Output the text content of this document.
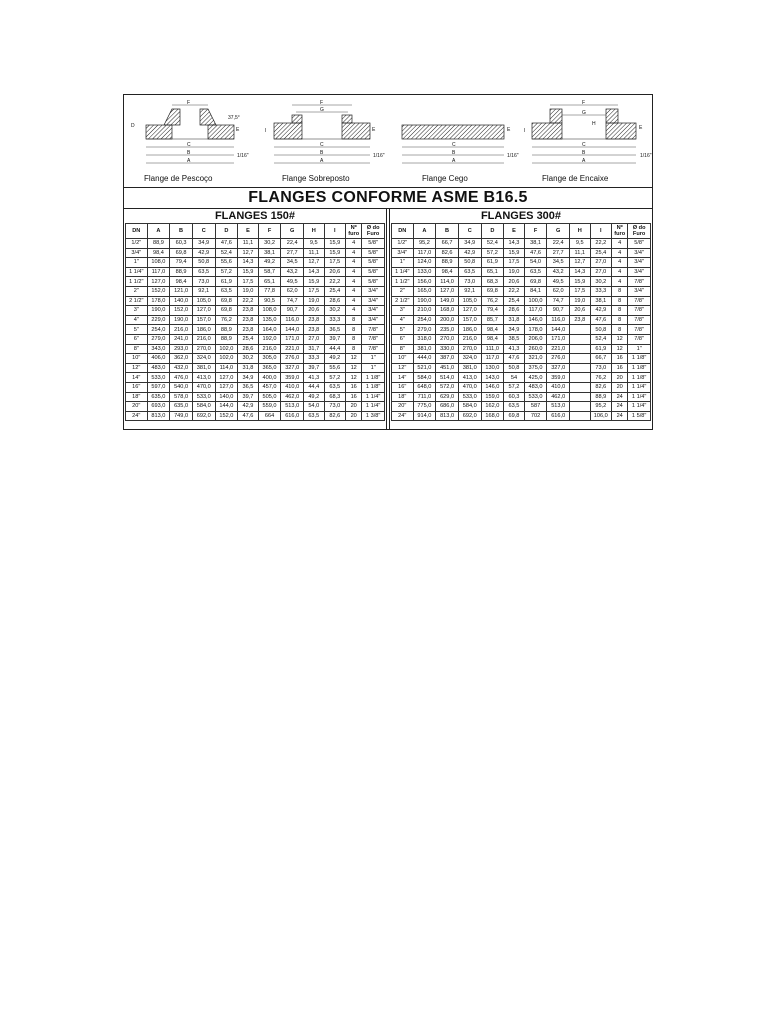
F
C
B
A
D
37,5°
E
1/16"
Flange de Pescoço
F
G
C
B
A
I	E
1/16"
Flange Sobreposto
C
B
A
E
1/16"
Flange Cego
F
G
H
C
B
A
I	E
1/16"
Flange de Encaixe
FLANGES CONFORME ASME B16.5
FLANGES 150#	FLANGES 300#
DN	A	B	C	D	E	F	G	H	I	Nº furo	Ø do Furo
1/2"	88,9	60,3	34,9	47,6	11,1	30,2	22,4	9,5	15,9	4	5/8"
3/4"	98,4	69,8	42,9	52,4	12,7	38,1	27,7	11,1	15,9	4	5/8"
1"	108,0	79,4	50,8	55,6	14,3	49,2	34,5	12,7	17,5	4	5/8"
1 1/4"	117,0	88,9	63,5	57,2	15,9	58,7	43,2	14,3	20,6	4	5/8"
1 1/2"	127,0	98,4	73,0	61,9	17,5	65,1	49,5	15,9	22,2	4	5/8"
2"	152,0	121,0	92,1	63,5	19,0	77,8	62,0	17,5	25,4	4	3/4"
2 1/2"	178,0	140,0	105,0	69,8	22,2	90,5	74,7	19,0	28,6	4	3/4"
3"	190,0	152,0	127,0	69,8	23,8	108,0	90,7	20,6	30,2	4	3/4"
4"	229,0	190,0	157,0	76,2	23,8	135,0	116,0	23,8	33,3	8	3/4"
5"	254,0	216,0	186,0	88,9	23,8	164,0	144,0	23,8	36,5	8	7/8"
6"	279,0	241,0	216,0	88,9	25,4	192,0	171,0	27,0	39,7	8	7/8"
8"	343,0	293,0	270,0	102,0	28,6	216,0	221,0	31,7	44,4	8	7/8"
10"	406,0	362,0	324,0	102,0	30,2	305,0	276,0	33,3	49,2	12	1"
12"	483,0	432,0	381,0	114,0	31,8	365,0	327,0	39,7	55,6	12	1"
14"	533,0	476,0	413,0	127,0	34,9	400,0	359,0	41,3	57,2	12	1 1/8"
16"	597,0	540,0	470,0	127,0	36,5	457,0	410,0	44,4	63,5	16	1 1/8"
18"	635,0	578,0	533,0	140,0	39,7	505,0	462,0	49,2	68,3	16	1 1/4"
20"	693,0	635,0	584,0	144,0	42,9	559,0	513,0	54,0	73,0	20	1 1/4"
24"	813,0	749,0	692,0	152,0	47,6	664	616,0	63,5	82,6	20	1 3/8"
DN	A	B	C	D	E	F	G	H	I	Nº furo	Ø do Furo
1/2"	95,2	66,7	34,9	52,4	14,3	38,1	22,4	9,5	22,2	4	5/8"
3/4"	117,0	82,6	42,9	57,2	15,9	47,6	27,7	11,1	25,4	4	3/4"
1"	124,0	88,9	50,8	61,9	17,5	54,0	34,5	12,7	27,0	4	3/4"
1 1/4"	133,0	98,4	63,5	65,1	19,0	63,5	43,2	14,3	27,0	4	3/4"
1 1/2"	156,0	114,0	73,0	68,3	20,6	69,8	49,5	15,9	30,2	4	7/8"
2"	165,0	127,0	92,1	69,8	22,2	84,1	62,0	17,5	33,3	8	3/4"
2 1/2"	190,0	149,0	105,0	76,2	25,4	100,0	74,7	19,0	38,1	8	7/8"
3"	210,0	168,0	127,0	79,4	28,6	117,0	90,7	20,6	42,9	8	7/8"
4"	254,0	200,0	157,0	85,7	31,8	146,0	116,0	23,8	47,6	8	7/8"
5"	279,0	235,0	186,0	98,4	34,9	178,0	144,0		50,8	8	7/8"
6"	318,0	270,0	216,0	98,4	38,5	206,0	171,0		52,4	12	7/8"
8"	381,0	330,0	270,0	111,0	41,3	260,0	221,0		61,9	12	1"
10"	444,0	387,0	324,0	117,0	47,6	321,0	276,0		66,7	16	1 1/8"
12"	521,0	451,0	381,0	130,0	50,8	375,0	327,0		73,0	16	1 1/8"
14"	584,0	514,0	413,0	143,0	54	425,0	359,0		76,2	20	1 1/8"
16"	648,0	572,0	470,0	146,0	57,2	483,0	410,0		82,6	20	1 1/4"
18"	711,0	629,0	533,0	159,0	60,3	533,0	462,0		88,9	24	1 1/4"
20"	775,0	686,0	584,0	162,0	63,5	587	513,0		95,2	24	1 1/4"
24"	914,0	813,0	692,0	168,0	69,8	702	616,0		106,0	24	1 5/8"
